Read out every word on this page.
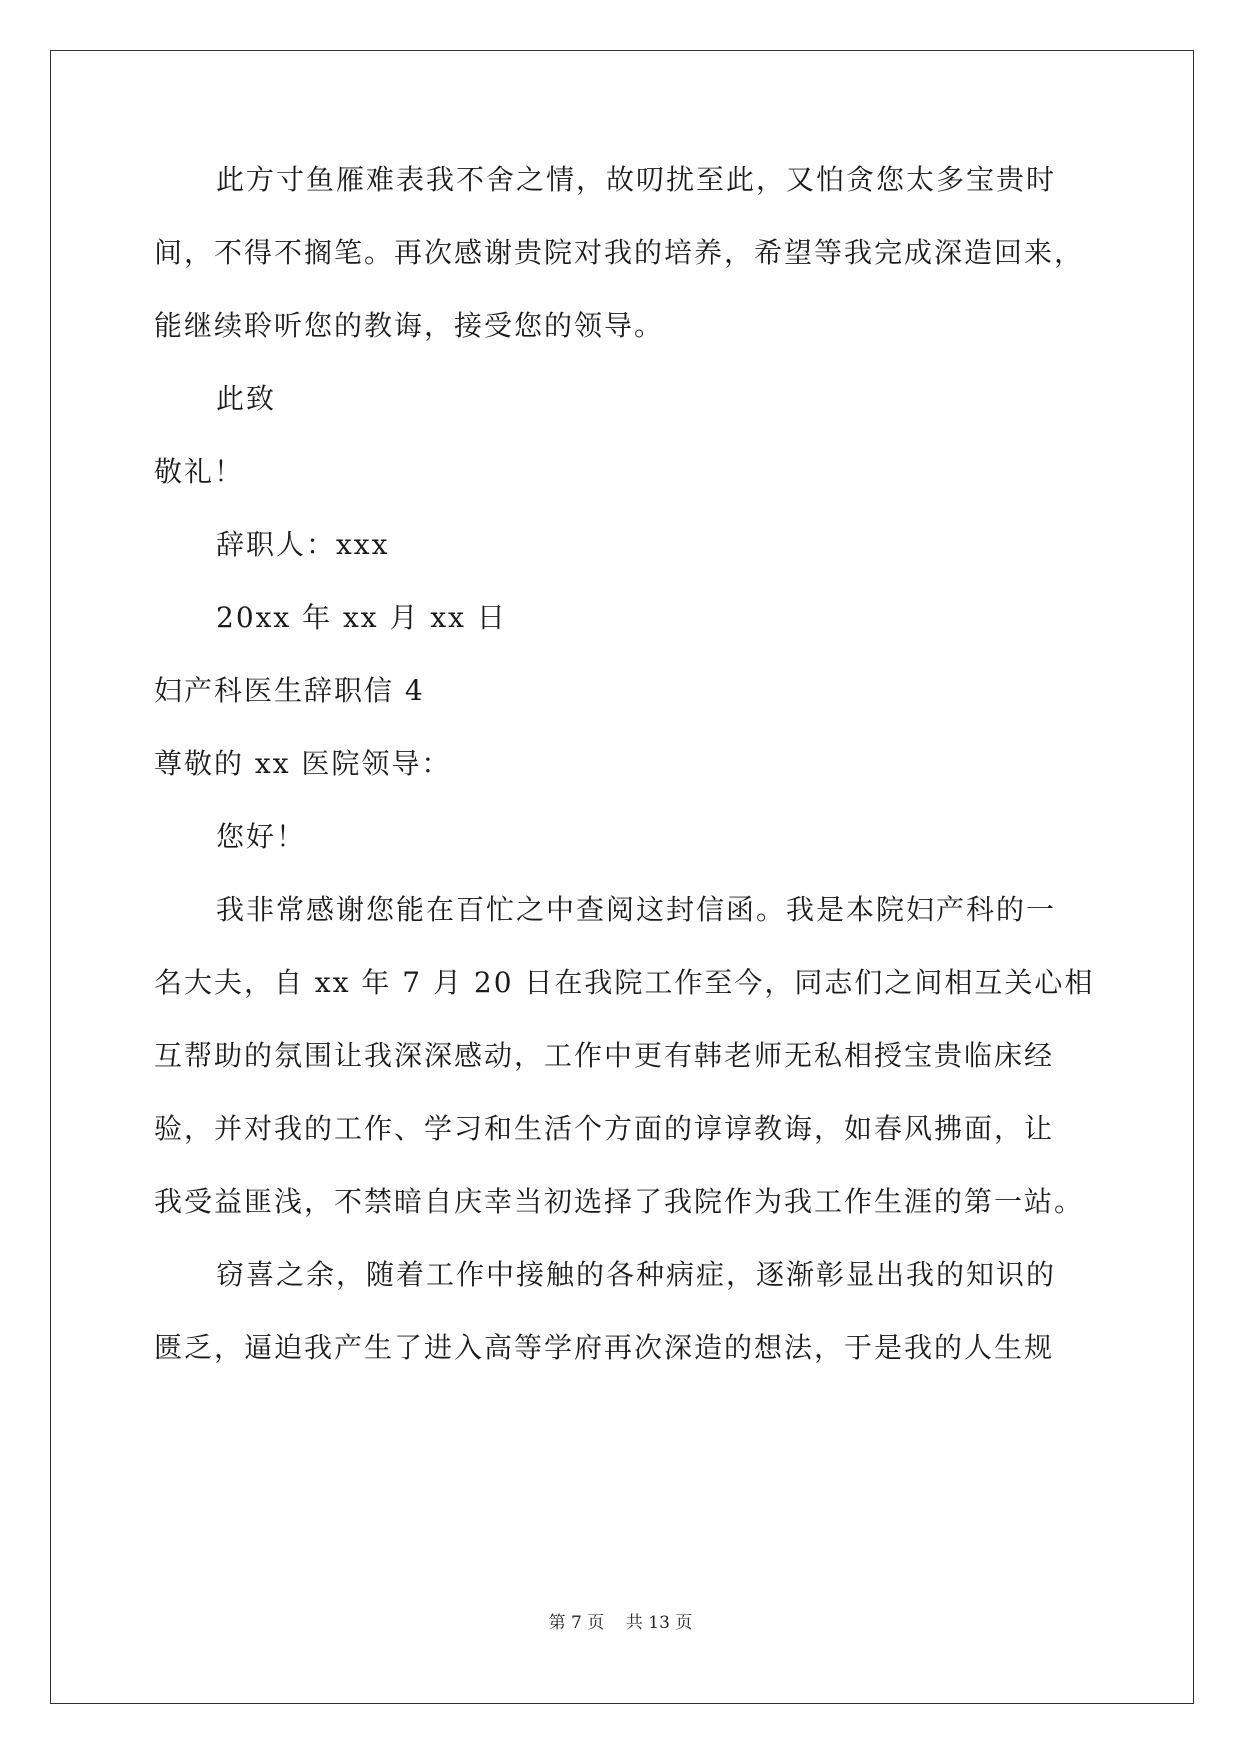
此方寸鱼雁难表我不舍之情，故叨扰至此，又怕贪您太多宝贵时
间，不得不搁笔。再次感谢贵院对我的培养，希望等我完成深造回来，
能继续聆听您的教诲，接受您的领导。
此致
敬礼！
辞职人：xxx
20xx 年 xx 月 xx 日
妇产科医生辞职信 4
尊敬的 xx 医院领导：
您好！
我非常感谢您能在百忙之中查阅这封信函。我是本院妇产科的一
名大夫，自 xx 年 7 月 20 日在我院工作至今，同志们之间相互关心相
互帮助的氛围让我深深感动，工作中更有韩老师无私相授宝贵临床经
验，并对我的工作、学习和生活个方面的谆谆教诲，如春风拂面，让
我受益匪浅，不禁暗自庆幸当初选择了我院作为我工作生涯的第一站。
窃喜之余，随着工作中接触的各种病症，逐渐彰显出我的知识的
匮乏，逼迫我产生了进入高等学府再次深造的想法，于是我的人生规
第 7 页    共 13 页
